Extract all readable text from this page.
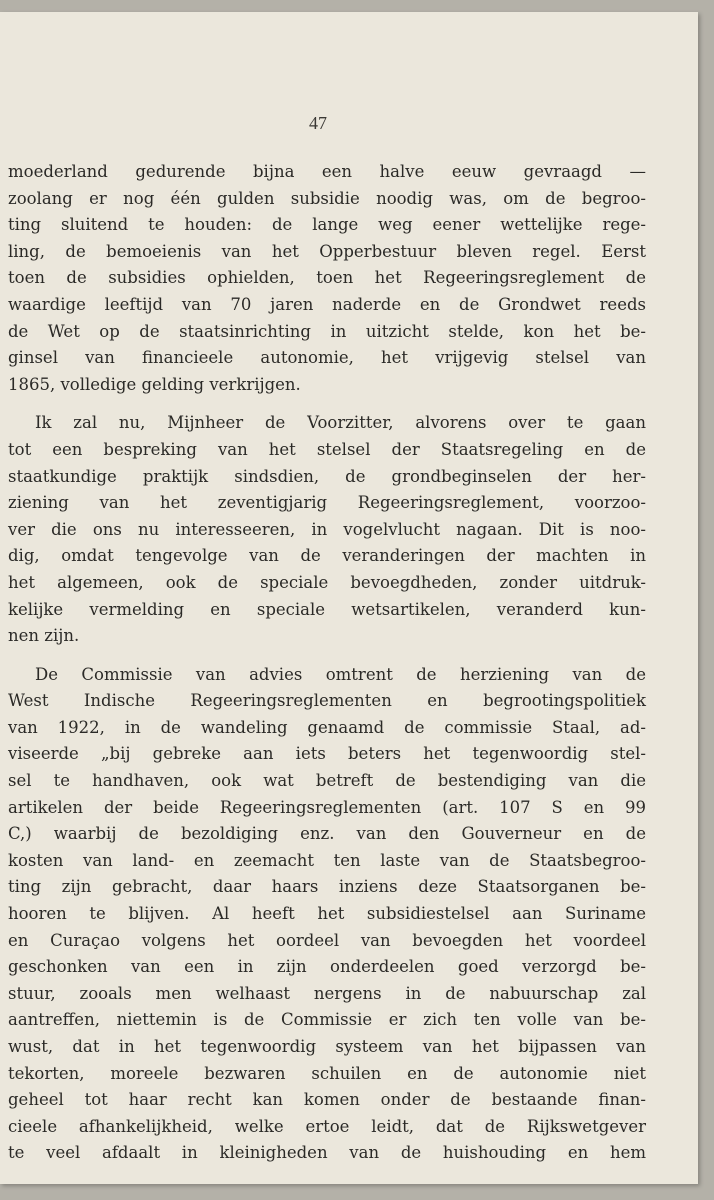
47
moederland gedurende bijna een halve eeuw gevraagd —
zoolang er nog één gulden subsidie noodig was, om de begroo-
ting sluitend te houden: de lange weg eener wettelijke rege-
ling, de bemoeienis van het Opperbestuur bleven regel. Eerst
toen de subsidies ophielden, toen het Regeeringsreglement de
waardige leeftijd van 70 jaren naderde en de Grondwet reeds
de Wet op de staatsinrichting in uitzicht stelde, kon het be-
ginsel van financieele autonomie, het vrijgevig stelsel van
1865, volledige gelding verkrijgen.
Ik zal nu, Mijnheer de Voorzitter, alvorens over te gaan
tot een bespreking van het stelsel der Staatsregeling en de
staatkundige praktijk sindsdien, de grondbeginselen der her-
ziening van het zeventigjarig Regeeringsreglement, voorzoo-
ver die ons nu interesseeren, in vogelvlucht nagaan. Dit is noo-
dig, omdat tengevolge van de veranderingen der machten in
het algemeen, ook de speciale bevoegdheden, zonder uitdruk-
kelijke vermelding en speciale wetsartikelen, veranderd kun-
nen zijn.
De Commissie van advies omtrent de herziening van de
West Indische Regeeringsreglementen en begrootingspolitiek
van 1922, in de wandeling genaamd de commissie Staal, ad-
viseerde „bij gebreke aan iets beters het tegenwoordig stel-
sel te handhaven, ook wat betreft de bestendiging van die
artikelen der beide Regeeringsreglementen (art. 107 S en 99
C,) waarbij de bezoldiging enz. van den Gouverneur en de
kosten van land- en zeemacht ten laste van de Staatsbegroo-
ting zijn gebracht, daar haars inziens deze Staatsorganen be-
hooren te blijven. Al heeft het subsidiestelsel aan Suriname
en Curaçao volgens het oordeel van bevoegden het voordeel
geschonken van een in zijn onderdeelen goed verzorgd be-
stuur, zooals men welhaast nergens in de nabuurschap zal
aantreffen, niettemin is de Commissie er zich ten volle van be-
wust, dat in het tegenwoordig systeem van het bijpassen van
tekorten, moreele bezwaren schuilen en de autonomie niet
geheel tot haar recht kan komen onder de bestaande finan-
cieele afhankelijkheid, welke ertoe leidt, dat de Rijkswetgever
te veel afdaalt in kleinigheden van de huishouding en hem
